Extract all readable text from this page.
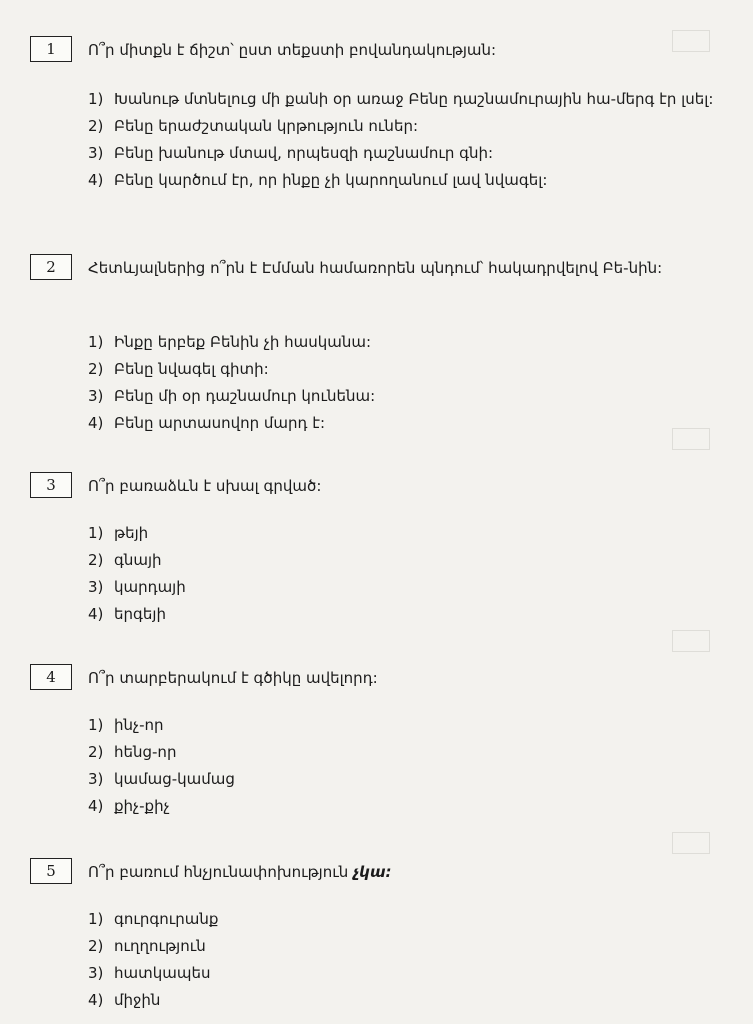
1	Ո՞ր միտքն է ճիշտ՝ ըստ տեքստի բովանդակության:
1) Խանութ մտնելուց մի քանի օր առաջ Բենը դաշնամուրային հա-մերգ էր լսել:
2) Բենը երաժշտական կրթություն ուներ:
3) Բենը խանութ մտավ, որպեսզի դաշնամուր գնի:
4) Բենը կարծում էր, որ ինքը չի կարողանում լավ նվագել:
2	Հետևյալներից ո՞րն է Էմման համառորեն պնդում՝ հակադրվելով Բե-նին:
1) Ինքը երբեք Բենին չի հասկանա:
2) Բենը նվագել գիտի:
3) Բենը մի օր դաշնամուր կունենա:
4) Բենը արտասովոր մարդ է:
3	Ո՞ր բառաձևն է սխալ գրված:
1) թեյի
2) գնայի
3) կարդայի
4) երգեյի
4	Ո՞ր տարբերակում է գծիկը ավելորդ:
1) ինչ-որ
2) հենց-որ
3) կամաց-կամաց
4) քիչ-քիչ
5	Ո՞ր բառում հնչյունափոխություն չկա:
1) գուրգուրանք
2) ուղղություն
3) հատկապես
4) միջին
